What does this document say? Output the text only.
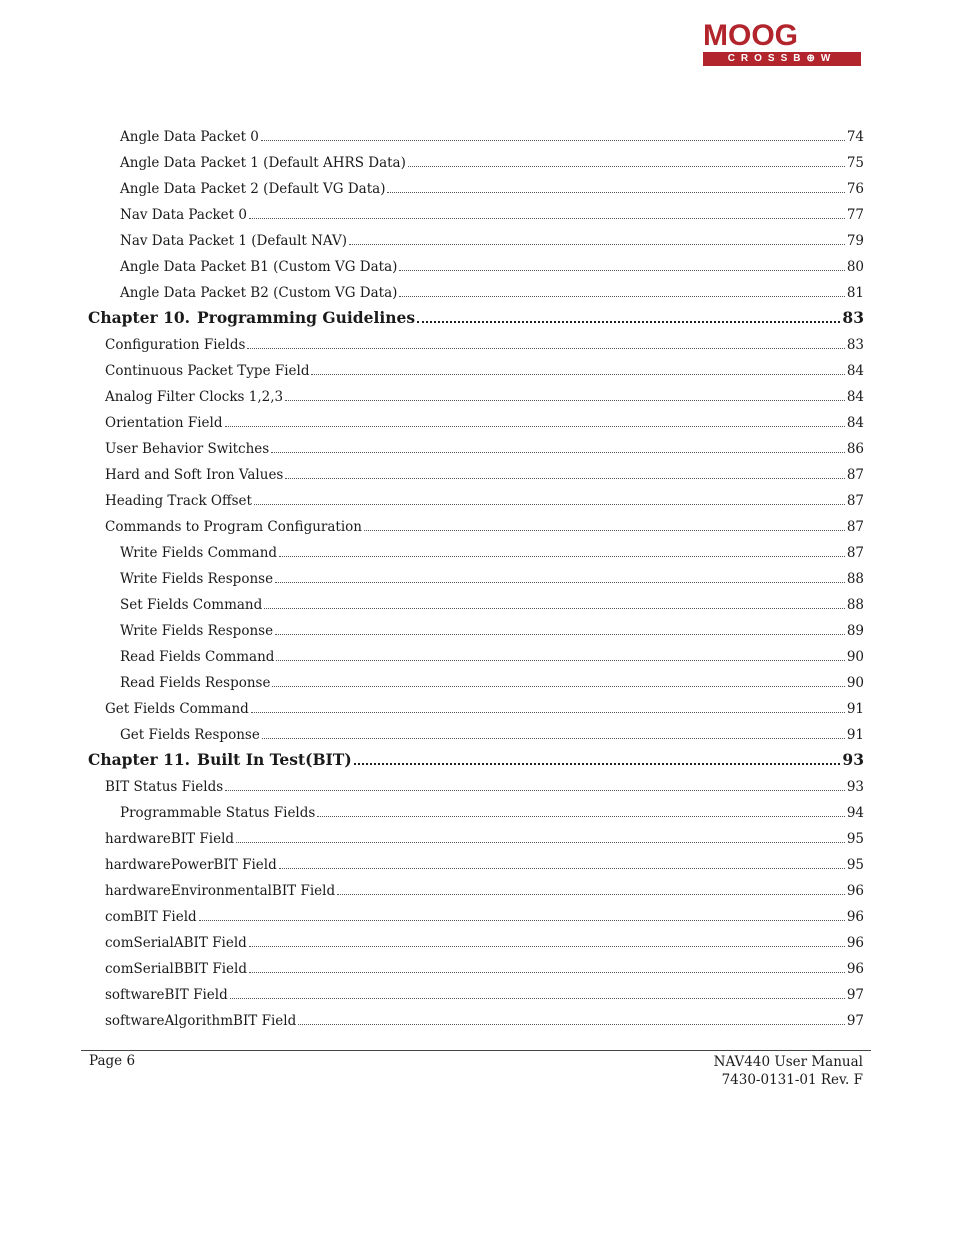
MOOG
CROSSB⊕W
Angle Data Packet 0	74
Angle Data Packet 1 (Default AHRS Data)	75
Angle Data Packet 2 (Default VG Data)	76
Nav Data Packet 0	77
Nav Data Packet 1 (Default NAV)	79
Angle Data Packet B1 (Custom VG Data)	80
Angle Data Packet B2 (Custom VG Data)	81
Chapter 10. Programming Guidelines	83
Configuration Fields	83
Continuous Packet Type Field	84
Analog Filter Clocks 1,2,3	84
Orientation Field	84
User Behavior Switches	86
Hard and Soft Iron Values	87
Heading Track Offset	87
Commands to Program Configuration	87
Write Fields Command	87
Write Fields Response	88
Set Fields Command	88
Write Fields Response	89
Read Fields Command	90
Read Fields Response	90
Get Fields Command	91
Get Fields Response	91
Chapter 11. Built In Test(BIT)	93
BIT Status Fields	93
Programmable Status Fields	94
hardwareBIT Field	95
hardwarePowerBIT Field	95
hardwareEnvironmentalBIT Field	96
comBIT Field	96
comSerialABIT Field	96
comSerialBBIT Field	96
softwareBIT Field	97
softwareAlgorithmBIT Field	97
Page 6	NAV440 User Manual
7430-0131-01 Rev. F
